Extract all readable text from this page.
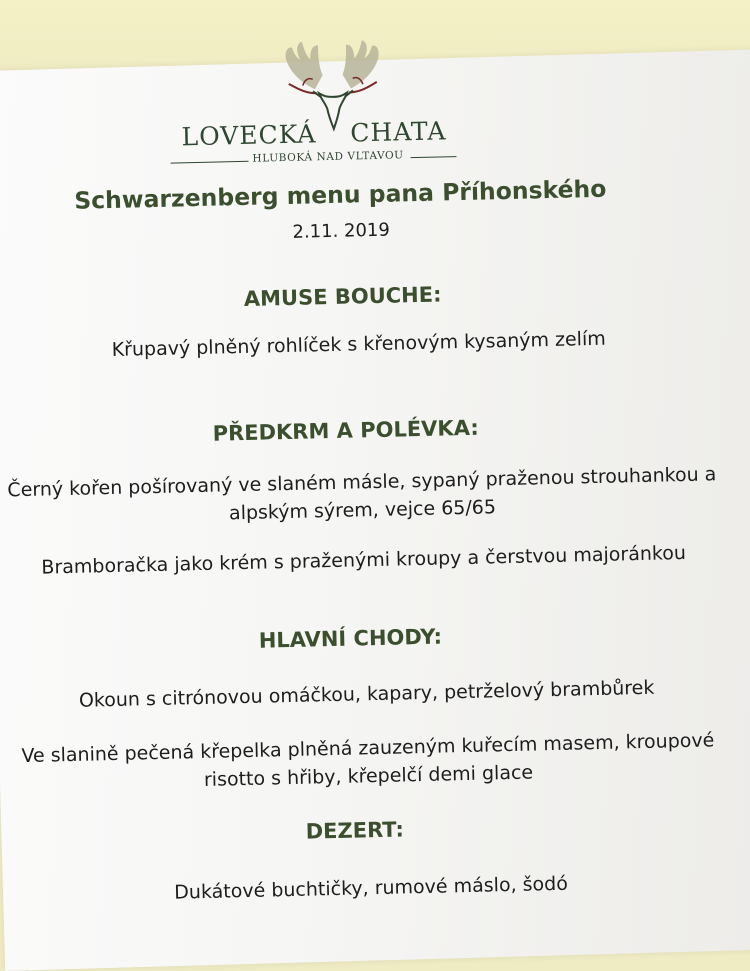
LOVECKÁ CHATA
HLUBOKÁ NAD VLTAVOU
Schwarzenberg menu pana Příhonského
2.11. 2019
AMUSE BOUCHE:
Křupavý plněný rohlíček s křenovým kysaným zelím
PŘEDKRM A POLÉVKA:
Černý kořen pošírovaný ve slaném másle, sypaný praženou strouhankou a
alpským sýrem, vejce 65/65
Bramboračka jako krém s praženými kroupy a čerstvou majoránkou
HLAVNÍ CHODY:
Okoun s citrónovou omáčkou, kapary, petrželový brambůrek
Ve slanině pečená křepelka plněná zauzeným kuřecím masem, kroupové
risotto s hřiby, křepelčí demi glace
DEZERT:
Dukátové buchtičky, rumové máslo, šodó
